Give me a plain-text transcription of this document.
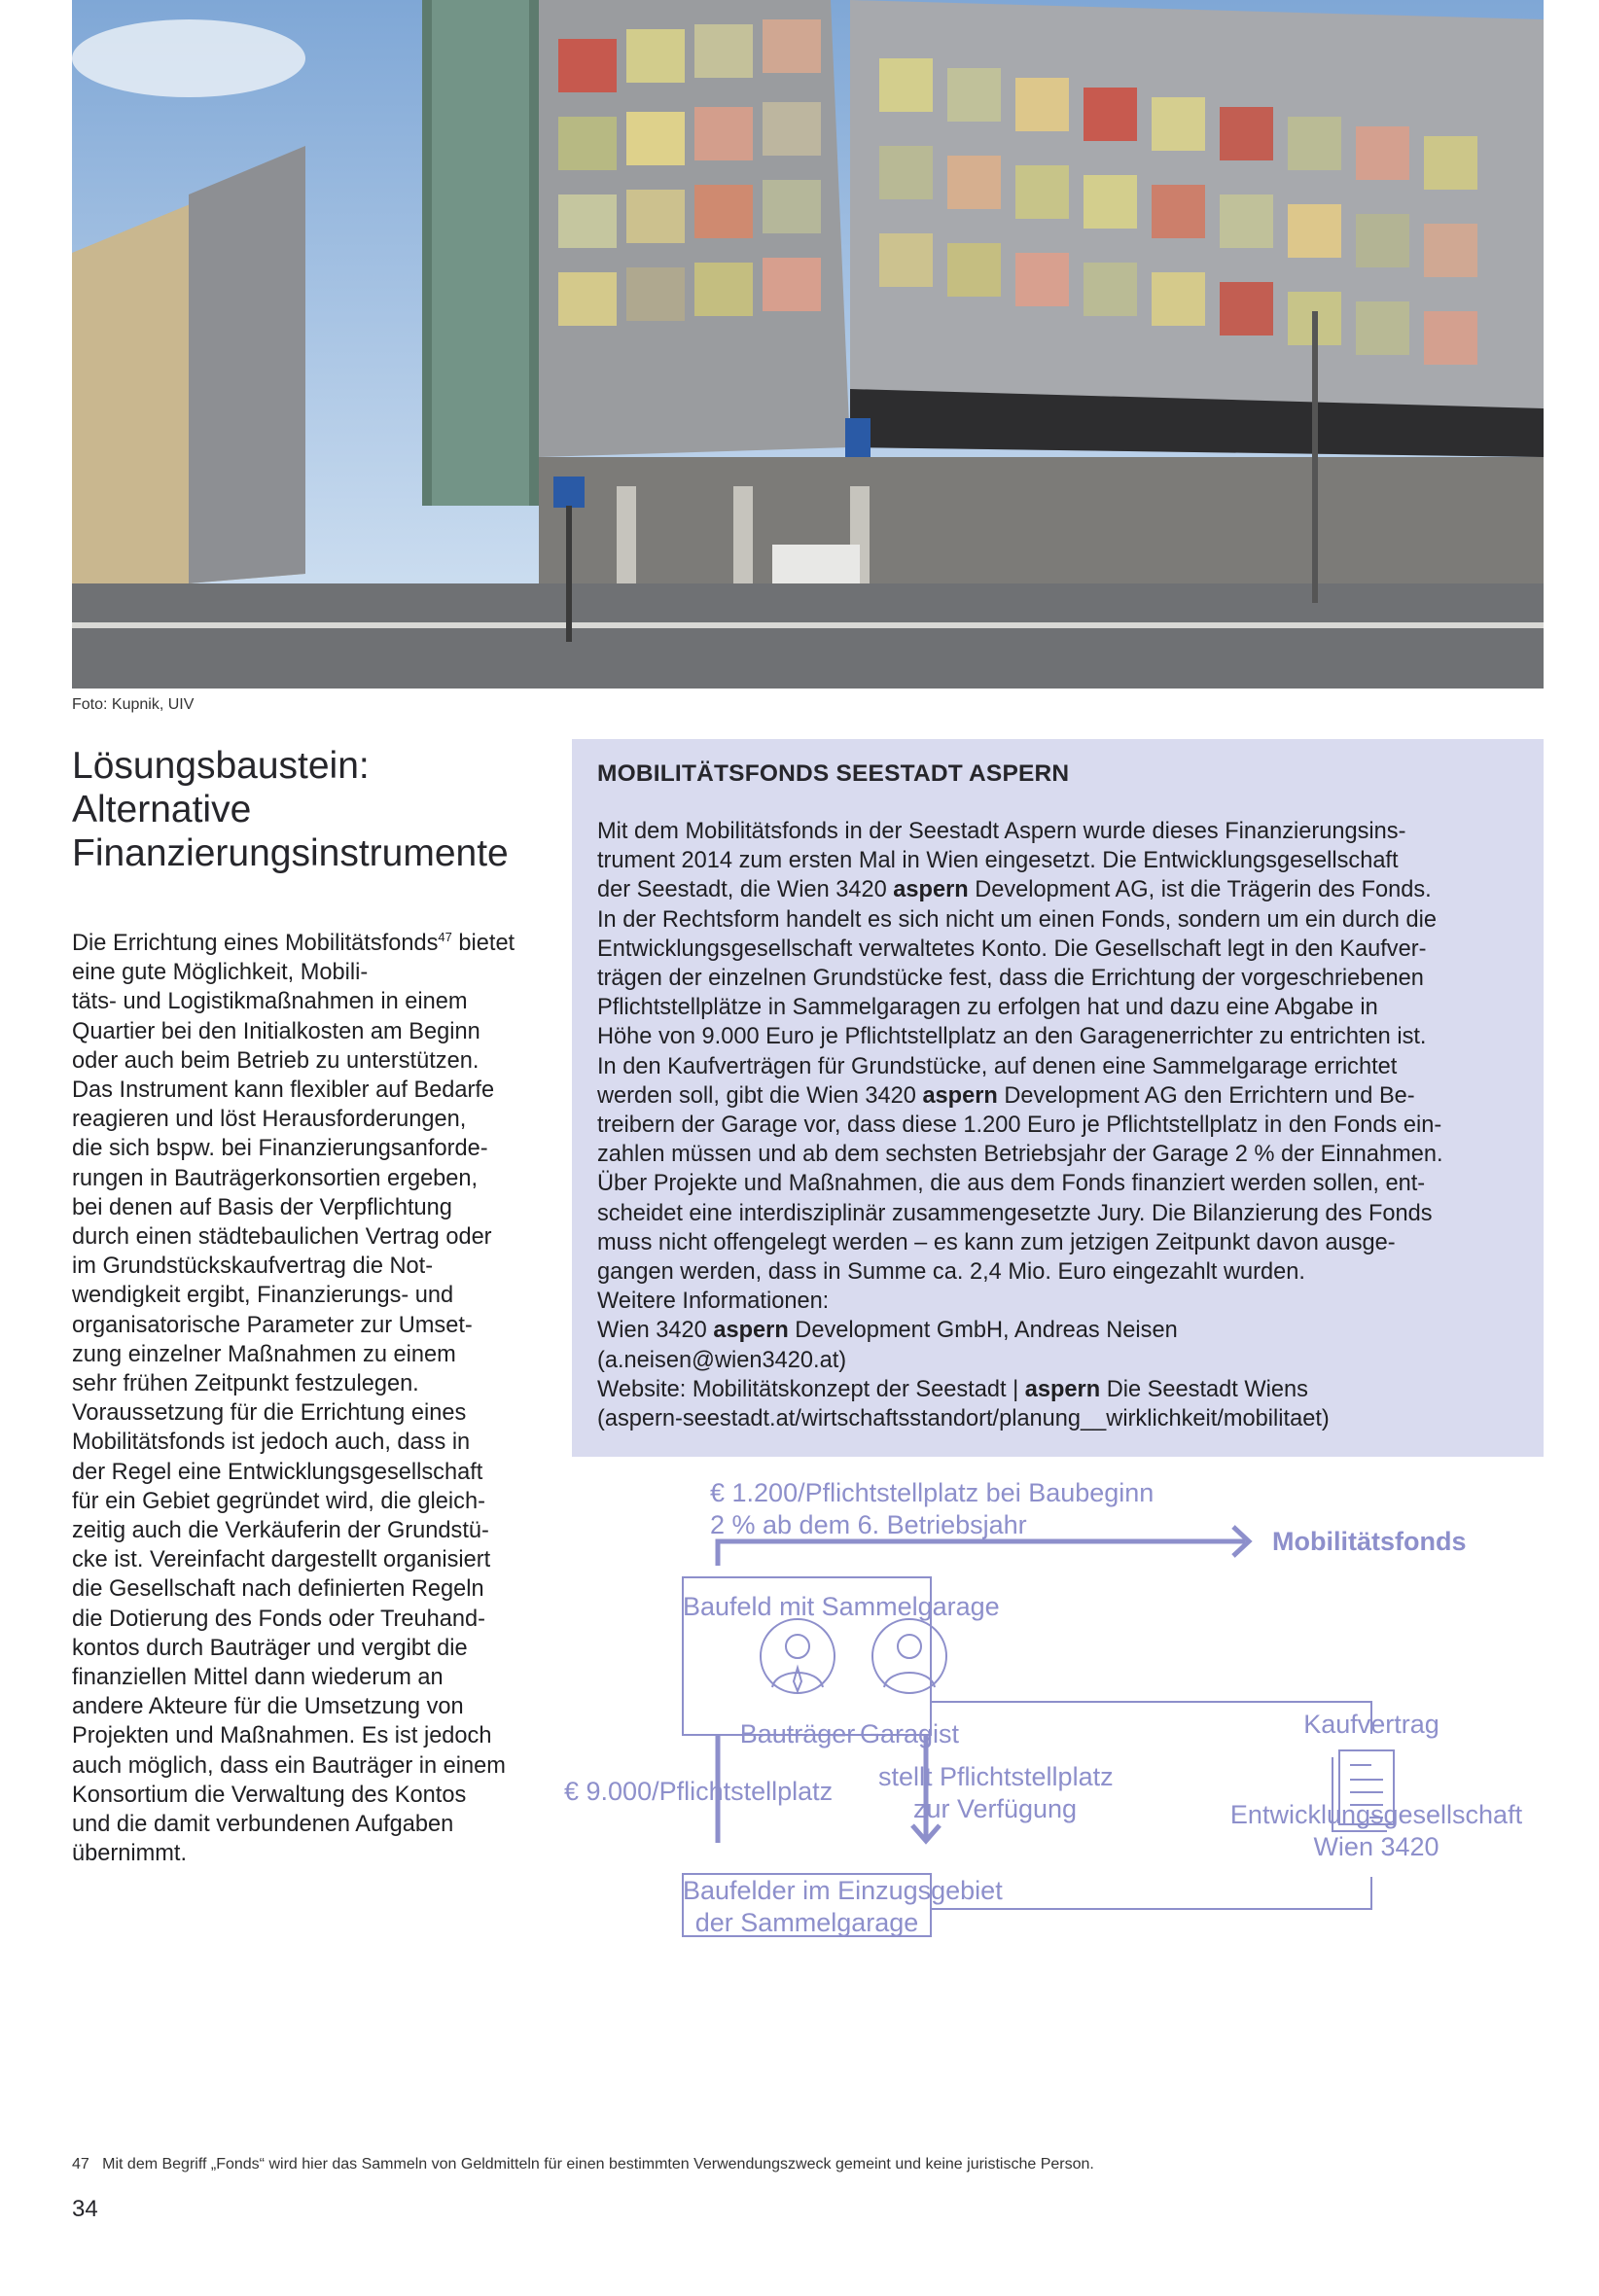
Foto: Kupnik, UIV
Lösungsbaustein:
Alternative
Finanzierungsinstrumente
Die Errichtung eines Mobilitätsfonds$^{47}$ bietet eine gute Möglichkeit, Mobili-
täts- und Logistikmaßnahmen in einem
Quartier bei den Initialkosten am Beginn
oder auch beim Betrieb zu unterstützen.
Das Instrument kann flexibler auf Bedarfe
reagieren und löst Herausforderungen,
die sich bspw. bei Finanzierungsanforde-
rungen in Bauträgerkonsortien ergeben,
bei denen auf Basis der Verpflichtung
durch einen städtebaulichen Vertrag oder
im Grundstückskaufvertrag die Not-
wendigkeit ergibt, Finanzierungs- und
organisatorische Parameter zur Umset-
zung einzelner Maßnahmen zu einem
sehr frühen Zeitpunkt festzulegen.
Voraussetzung für die Errichtung eines
Mobilitätsfonds ist jedoch auch, dass in
der Regel eine Entwicklungsgesellschaft
für ein Gebiet gegründet wird, die gleich-
zeitig auch die Verkäuferin der Grundstü-
cke ist. Vereinfacht dargestellt organisiert
die Gesellschaft nach definierten Regeln
die Dotierung des Fonds oder Treuhand-
kontos durch Bauträger und vergibt die
finanziellen Mittel dann wiederum an
andere Akteure für die Umsetzung von
Projekten und Maßnahmen. Es ist jedoch
auch möglich, dass ein Bauträger in einem
Konsortium die Verwaltung des Kontos
und die damit verbundenen Aufgaben
übernimmt.
MOBILITÄTSFONDS SEESTADT ASPERN
Mit dem Mobilitätsfonds in der Seestadt Aspern wurde dieses Finanzierungsins-
trument 2014 zum ersten Mal in Wien eingesetzt. Die Entwicklungsgesellschaft
der Seestadt, die Wien 3420 aspern Development AG, ist die Trägerin des Fonds.
In der Rechtsform handelt es sich nicht um einen Fonds, sondern um ein durch die
Entwicklungsgesellschaft verwaltetes Konto. Die Gesellschaft legt in den Kaufver-
trägen der einzelnen Grundstücke fest, dass die Errichtung der vorgeschriebenen
Pflichtstellplätze in Sammelgaragen zu erfolgen hat und dazu eine Abgabe in
Höhe von 9.000 Euro je Pflichtstellplatz an den Garagenerrichter zu entrichten ist.
In den Kaufverträgen für Grundstücke, auf denen eine Sammelgarage errichtet
werden soll, gibt die Wien 3420 aspern Development AG den Errichtern und Be-
treibern der Garage vor, dass diese 1.200 Euro je Pflichtstellplatz in den Fonds ein-
zahlen müssen und ab dem sechsten Betriebsjahr der Garage 2 % der Einnahmen.
Über Projekte und Maßnahmen, die aus dem Fonds finanziert werden sollen, ent-
scheidet eine interdisziplinär zusammengesetzte Jury. Die Bilanzierung des Fonds
muss nicht offengelegt werden – es kann zum jetzigen Zeitpunkt davon ausge-
gangen werden, dass in Summe ca. 2,4 Mio. Euro eingezahlt wurden.
Weitere Informationen:
Wien 3420 aspern Development GmbH, Andreas Neisen
(a.neisen@wien3420.at)
Website: Mobilitätskonzept der Seestadt | aspern Die Seestadt Wiens
(aspern-seestadt.at/wirtschaftsstandort/planung__wirklichkeit/mobilitaet)
€ 1.200/Pflichtstellplatz bei Baubeginn
2 % ab dem 6. Betriebsjahr
Mobilitätsfonds
Baufeld mit Sammelgarage
Bauträger Garagist	Kaufvertrag
€ 9.000/Pflichtstellplatz stellt Pflichtstellplatz
zur Verfügung	Entwicklungsgesellschaft
Wien 3420
Baufelder im Einzugsgebiet
der Sammelgarage
47 Mit dem Begriff „Fonds“ wird hier das Sammeln von Geldmitteln für einen bestimmten Verwendungszweck gemeint und keine juristische Person.
34
